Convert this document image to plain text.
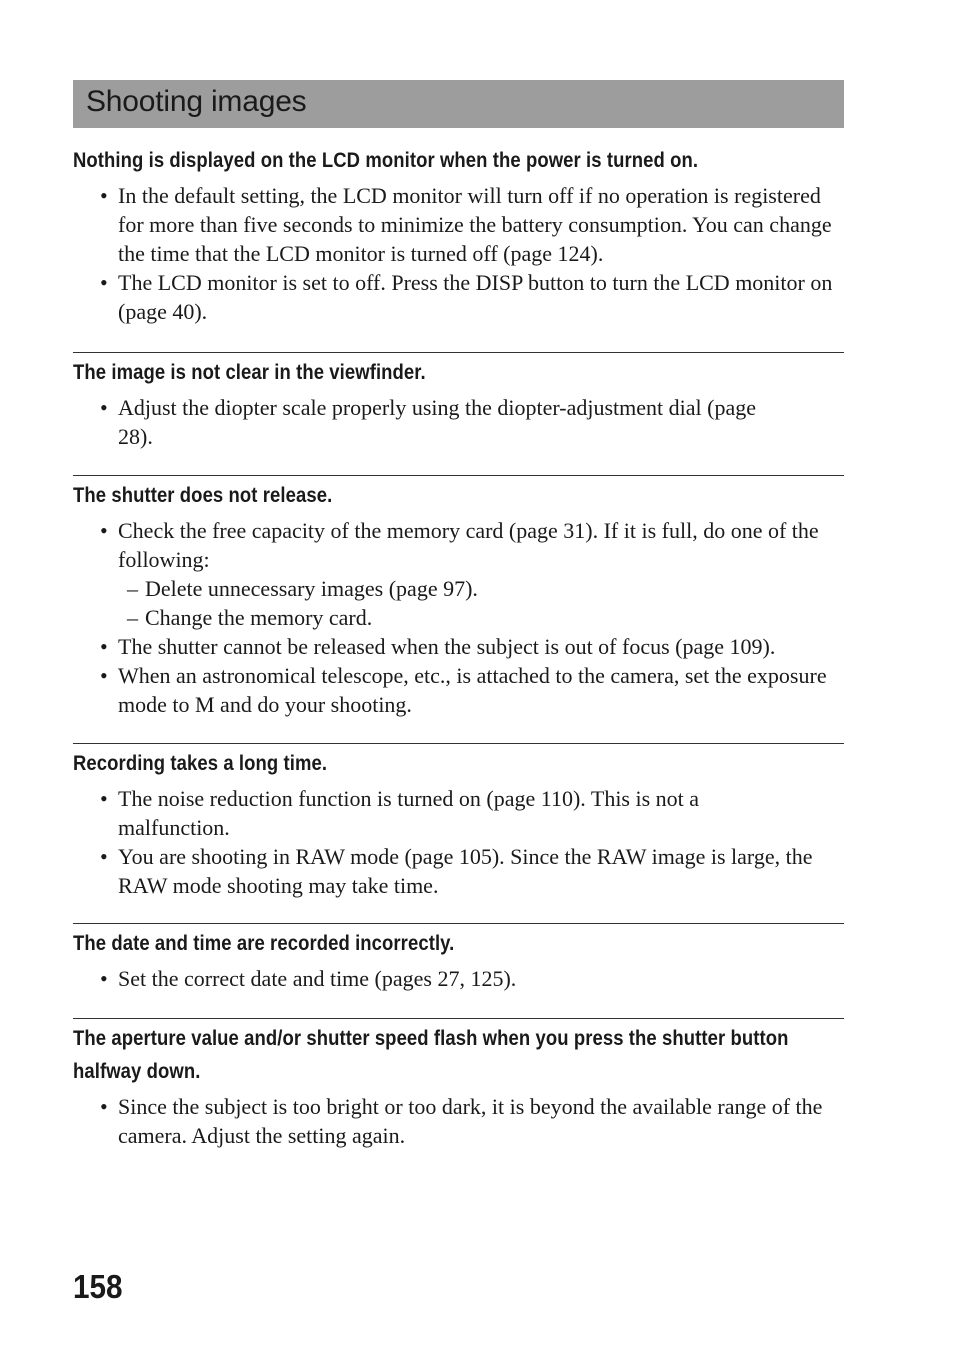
Shooting images
Nothing is displayed on the LCD monitor when the power is turned on.
• In the default setting, the LCD monitor will turn off if no operation is registered for more than five seconds to minimize the battery consumption. You can change the time that the LCD monitor is turned off (page 124).
• The LCD monitor is set to off. Press the DISP button to turn the LCD monitor on (page 40).
The image is not clear in the viewfinder.
• Adjust the diopter scale properly using the diopter-adjustment dial (page 28).
The shutter does not release.
• Check the free capacity of the memory card (page 31). If it is full, do one of the following:
– Delete unnecessary images (page 97).
– Change the memory card.
• The shutter cannot be released when the subject is out of focus (page 109).
• When an astronomical telescope, etc., is attached to the camera, set the exposure mode to M and do your shooting.
Recording takes a long time.
• The noise reduction function is turned on (page 110). This is not a malfunction.
• You are shooting in RAW mode (page 105). Since the RAW image is large, the RAW mode shooting may take time.
The date and time are recorded incorrectly.
• Set the correct date and time (pages 27, 125).
The aperture value and/or shutter speed flash when you press the shutter button halfway down.
• Since the subject is too bright or too dark, it is beyond the available range of the camera. Adjust the setting again.
158
